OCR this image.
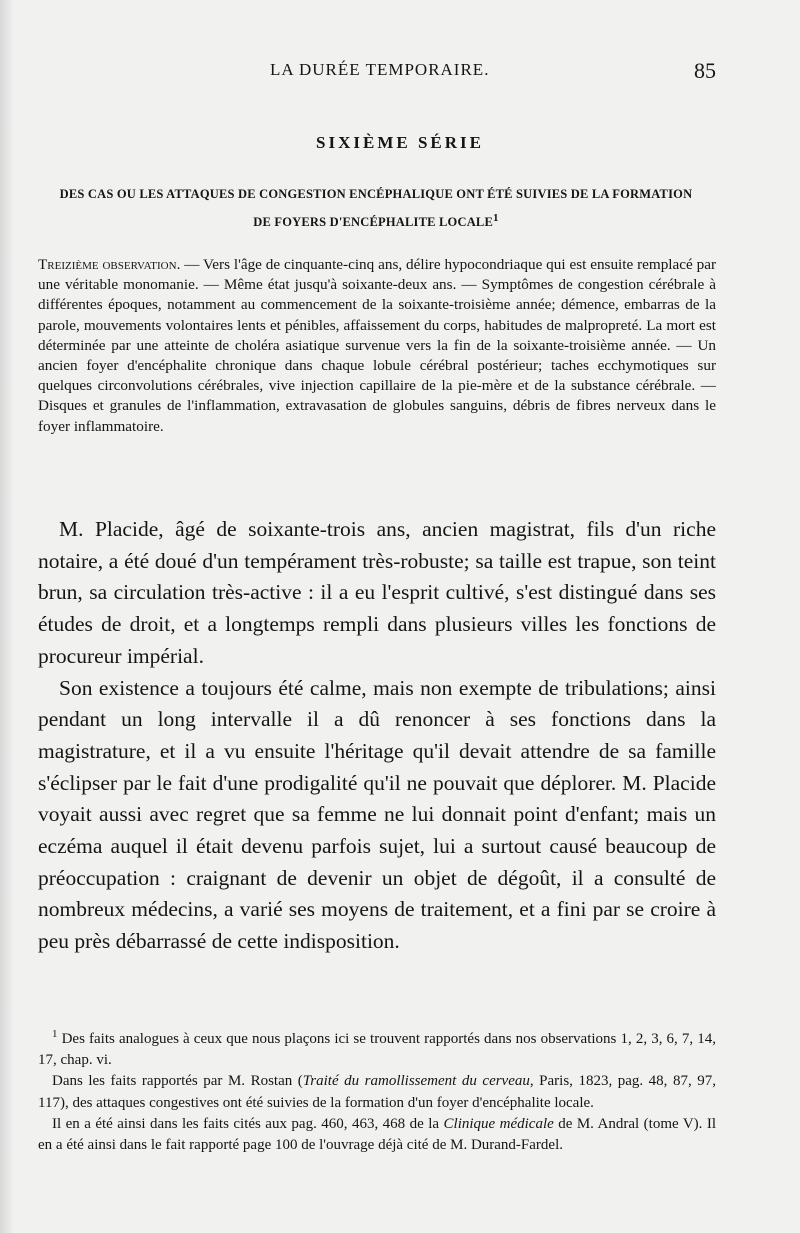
LA DURÉE TEMPORAIRE.	85
SIXIÈME SÉRIE
DES CAS OU LES ATTAQUES DE CONGESTION ENCÉPHALIQUE ONT ÉTÉ SUIVIES DE LA FORMATION
DE FOYERS D'ENCÉPHALITE LOCALE1
Treizième observation. — Vers l'âge de cinquante-cinq ans, délire hypocondriaque qui est ensuite remplacé par une véritable monomanie. — Même état jusqu'à soixante-deux ans. — Symptômes de congestion cérébrale à différentes époques, notamment au commencement de la soixante-troisième année; démence, embarras de la parole, mouvements volontaires lents et pénibles, affaissement du corps, habitudes de malpropreté. La mort est déterminée par une atteinte de choléra asiatique survenue vers la fin de la soixante-troisième année. — Un ancien foyer d'encéphalite chronique dans chaque lobule cérébral postérieur; taches ecchymotiques sur quelques circonvolutions cérébrales, vive injection capillaire de la pie-mère et de la substance cérébrale. — Disques et granules de l'inflammation, extravasation de globules sanguins, débris de fibres nerveux dans le foyer inflammatoire.

M. Placide, âgé de soixante-trois ans, ancien magistrat, fils d'un riche notaire, a été doué d'un tempérament très-robuste; sa taille est trapue, son teint brun, sa circulation très-active : il a eu l'esprit cultivé, s'est distingué dans ses études de droit, et a longtemps rempli dans plusieurs villes les fonctions de procureur impérial.

Son existence a toujours été calme, mais non exempte de tribulations; ainsi pendant un long intervalle il a dû renoncer à ses fonctions dans la magistrature, et il a vu ensuite l'héritage qu'il devait attendre de sa famille s'éclipser par le fait d'une prodigalité qu'il ne pouvait que déplorer. M. Placide voyait aussi avec regret que sa femme ne lui donnait point d'enfant; mais un eczéma auquel il était devenu parfois sujet, lui a surtout causé beaucoup de préoccupation : craignant de devenir un objet de dégoût, il a consulté de nombreux médecins, a varié ses moyens de traitement, et a fini par se croire à peu près débarrassé de cette indisposition.

$^1$ Des faits analogues à ceux que nous plaçons ici se trouvent rapportés dans nos observations 1, 2, 3, 6, 7, 14, 17, chap. vi.

Dans les faits rapportés par M. Rostan (Traité du ramollissement du cerveau, Paris, 1823, pag. 48, 87, 97, 117), des attaques congestives ont été suivies de la formation d'un foyer d'encéphalite locale.

Il en a été ainsi dans les faits cités aux pag. 460, 463, 468 de la Clinique médicale de M. Andral (tome V). Il en a été ainsi dans le fait rapporté page 100 de l'ouvrage déjà cité de M. Durand-Fardel.
